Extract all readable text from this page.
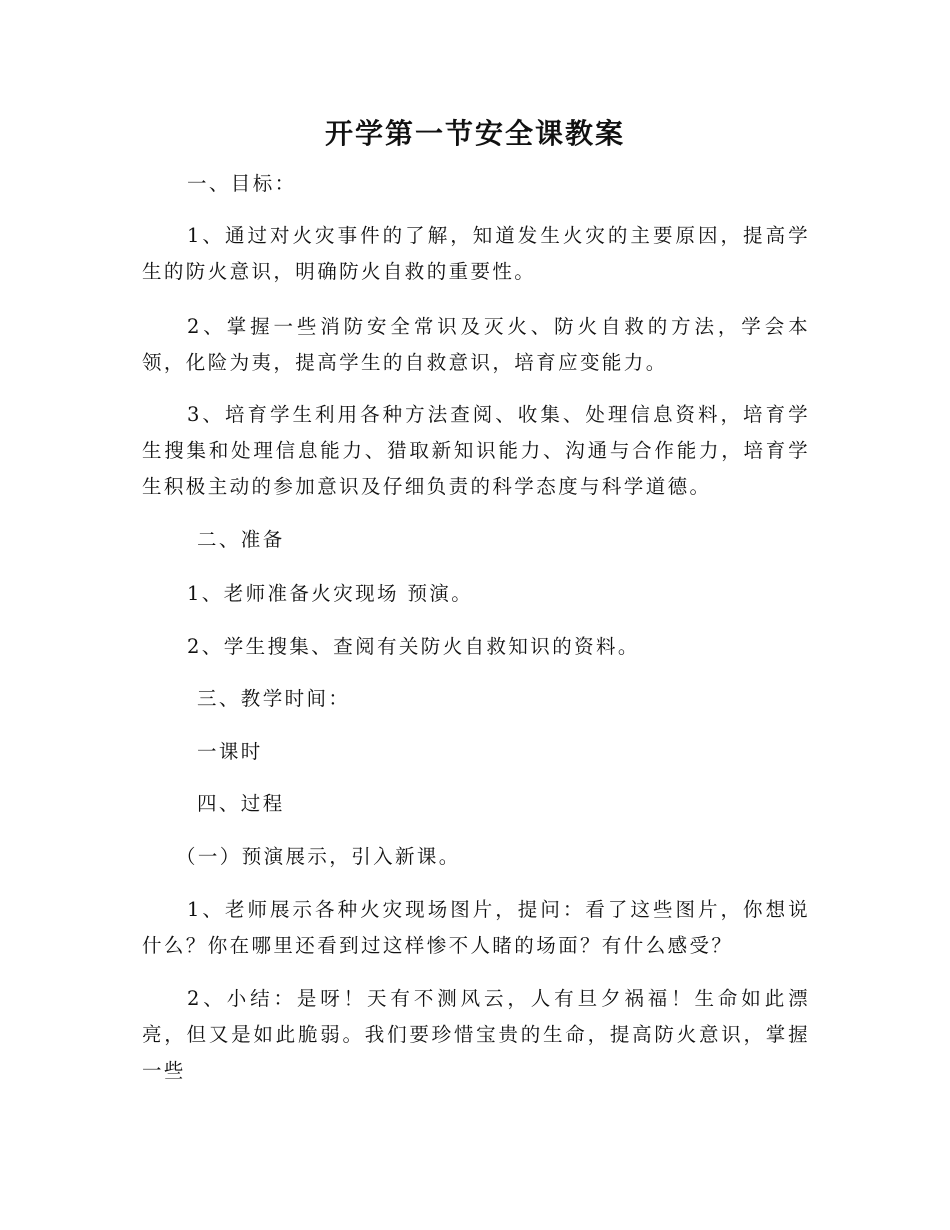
开学第一节安全课教案
一、目标：
1、通过对火灾事件的了解，知道发生火灾的主要原因，提高学生的防火意识，明确防火自救的重要性。
2、掌握一些消防安全常识及灭火、防火自救的方法，学会本领，化险为夷，提高学生的自救意识，培育应变能力。
3、培育学生利用各种方法查阅、收集、处理信息资料，培育学生搜集和处理信息能力、猎取新知识能力、沟通与合作能力，培育学生积极主动的参加意识及仔细负责的科学态度与科学道德。
二、准备
1、老师准备火灾现场 预演。
2、学生搜集、查阅有关防火自救知识的资料。
三、教学时间：
一课时
四、过程
（一）预演展示，引入新课。
1、老师展示各种火灾现场图片，提问：看了这些图片，你想说什么？你在哪里还看到过这样惨不人睹的场面？有什么感受？
2、小结：是呀！天有不测风云，人有旦夕祸福！生命如此漂亮，但又是如此脆弱。我们要珍惜宝贵的生命，提高防火意识，掌握一些
